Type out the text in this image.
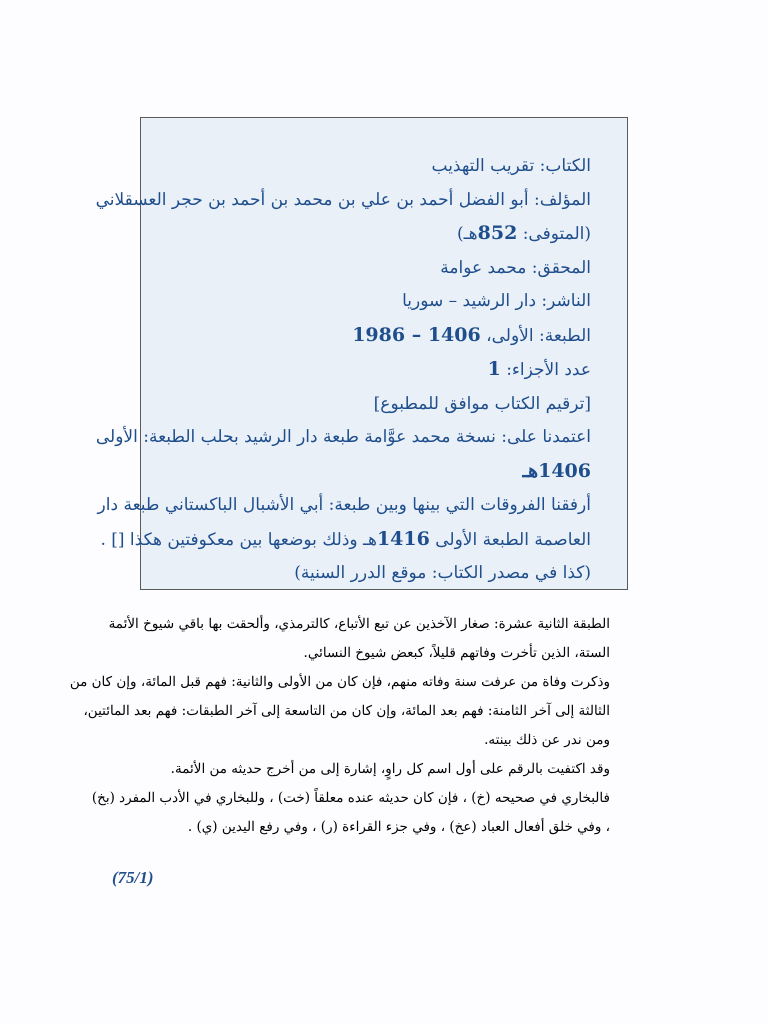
الكتاب: تقريب التهذيب
المؤلف: أبو الفضل أحمد بن علي بن محمد بن أحمد بن حجر العسقلاني
(المتوفى: 852هـ)
المحقق: محمد عوامة
الناشر: دار الرشيد – سوريا
الطبعة: الأولى، 1406 – 1986
عدد الأجزاء: 1
[ترقيم الكتاب موافق للمطبوع]
اعتمدنا على: نسخة محمد عوَّامة طبعة دار الرشيد بحلب الطبعة: الأولى
1406هـ
أرفقنا الفروقات التي بينها وبين طبعة: أبي الأشبال الباكستاني طبعة دار
العاصمة الطبعة الأولى 1416هـ وذلك بوضعها بين معكوفتين هكذا [] .
(كذا في مصدر الكتاب: موقع الدرر السنية)
الطبقة الثانية عشرة: صغار الآخذين عن تبع الأتباع، كالترمذي، وألحقت بها باقي شيوخ الأئمة
الستة، الذين تأخرت وفاتهم قليلاً، كبعض شيوخ النسائي.
وذكرت وفاة من عرفت سنة وفاته منهم، فإن كان من الأولى والثانية: فهم قبل المائة، وإن كان من
الثالثة إلى آخر الثامنة: فهم بعد المائة، وإن كان من التاسعة إلى آخر الطبقات: فهم بعد المائتين،
ومن ندر عن ذلك بينته.
وقد اكتفيت بالرقم على أول اسم كل راوٍ، إشارة إلى من أخرج حديثه من الأئمة.
فالبخاري في صحيحه (خ) ، فإن كان حديثه عنده معلقاً (خت) ، وللبخاري في الأدب المفرد (بخ)
، وفي خلق أفعال العباد (عخ) ، وفي جزء القراءة (ر) ، وفي رفع اليدين (ي) .
(75/1)
